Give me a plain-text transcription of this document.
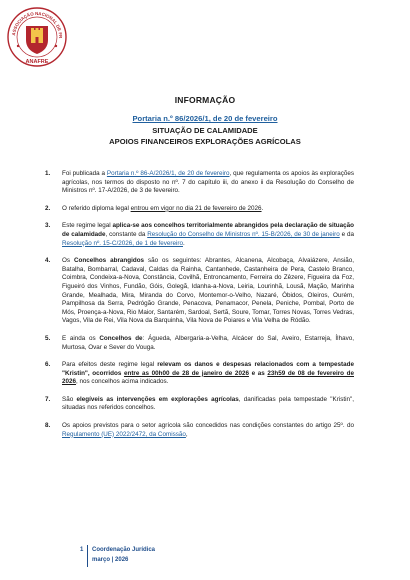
ASSOCIAÇÃO NACIONAL DE FR
ANAFRE
INFORMAÇÃO
Portaria n.º 86/2026/1, de 20 de fevereiro
SITUAÇÃO DE CALAMIDADE
APOIOS FINANCEIROS EXPLORAÇÕES AGRÍCOLAS
1. Foi publicada a Portaria n.º 86-A/2026/1, de 20 de fevereiro, que regulamenta os apoios às explorações agrícolas, nos termos do disposto no nº. 7 do capítulo iii, do anexo ii da Resolução do Conselho de Ministros nº. 17-A/2026, de 3 de fevereiro.
2. O referido diploma legal entrou em vigor no dia 21 de fevereiro de 2026.
3. Este regime legal aplica-se aos concelhos territorialmente abrangidos pela declaração de situação de calamidade, constante da Resolução do Conselho de Ministros nº. 15-B/2026, de 30 de janeiro e da Resolução nº. 15-C/2026, de 1 de fevereiro.
4. Os Concelhos abrangidos são os seguintes: Abrantes, Alcanena, Alcobaça, Alvaiázere, Ansião, Batalha, Bombarral, Cadaval, Caldas da Rainha, Cantanhede, Castanheira de Pera, Castelo Branco, Coimbra, Condeixa-a-Nova, Constância, Covilhã, Entroncamento, Ferreira do Zêzere, Figueira da Foz, Figueiró dos Vinhos, Fundão, Góis, Golegã, Idanha-a-Nova, Leiria, Lourinhã, Lousã, Mação, Marinha Grande, Mealhada, Mira, Miranda do Corvo, Montemor-o-Velho, Nazaré, Óbidos, Oleiros, Ourém, Pampilhosa da Serra, Pedrógão Grande, Penacova, Penamacor, Penela, Peniche, Pombal, Porto de Mós, Proença-a-Nova, Rio Maior, Santarém, Sardoal, Sertã, Soure, Tomar, Torres Novas, Torres Vedras, Vagos, Vila de Rei, Vila Nova da Barquinha, Vila Nova de Poiares e Vila Velha de Ródão.
5. E ainda os Concelhos de: Águeda, Albergaria-a-Velha, Alcácer do Sal, Aveiro, Estarreja, Ílhavo, Murtosa, Ovar e Sever do Vouga.
6. Para efeitos deste regime legal relevam os danos e despesas relacionados com a tempestade "Kristin", ocorridos entre as 00h00 de 28 de janeiro de 2026 e as 23h59 de 08 de fevereiro de 2026, nos concelhos acima indicados.
7. São elegíveis as intervenções em explorações agrícolas, danificadas pela tempestade "Kristin", situadas nos referidos concelhos.
8. Os apoios previstos para o setor agrícola são concedidos nas condições constantes do artigo 25º. do Regulamento (UE) 2022/2472, da Comissão,
1 Coordenação Jurídica
março | 2026
